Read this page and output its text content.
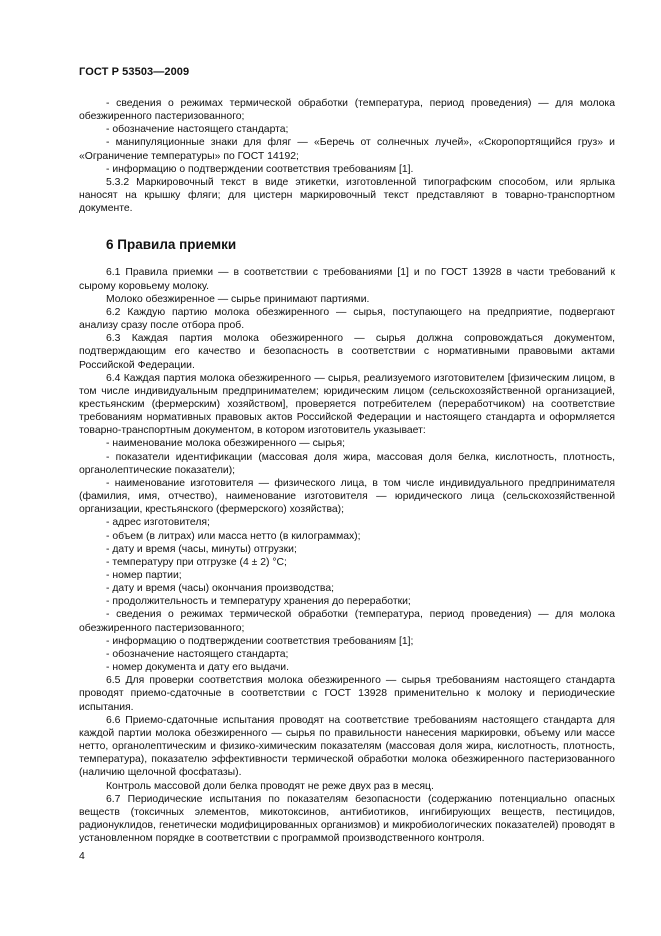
ГОСТ Р 53503—2009

- сведения о режимах термической обработки (температура, период проведения) — для молока обезжиренного пастеризованного;

- обозначение настоящего стандарта;

- манипуляционные знаки для фляг — «Беречь от солнечных лучей», «Скоропортящийся груз» и «Ограничение температуры» по ГОСТ 14192;

- информацию о подтверждении соответствия требованиям [1].

5.3.2 Маркировочный текст в виде этикетки, изготовленной типографским способом, или ярлыка наносят на крышку фляги; для цистерн маркировочный текст представляют в товарно-транспортном документе.

6 Правила приемки

6.1 Правила приемки — в соответствии с требованиями [1] и по ГОСТ 13928 в части требований к сырому коровьему молоку.

Молоко обезжиренное — сырье принимают партиями.

6.2 Каждую партию молока обезжиренного — сырья, поступающего на предприятие, подвергают анализу сразу после отбора проб.

6.3 Каждая партия молока обезжиренного — сырья должна сопровождаться документом, подтверждающим его качество и безопасность в соответствии с нормативными правовыми актами Российской Федерации.

6.4 Каждая партия молока обезжиренного — сырья, реализуемого изготовителем [физическим лицом, в том числе индивидуальным предпринимателем; юридическим лицом (сельскохозяйственной организацией, крестьянским (фермерским) хозяйством], проверяется потребителем (переработчиком) на соответствие требованиям нормативных правовых актов Российской Федерации и настоящего стандарта и оформляется товарно-транспортным документом, в котором изготовитель указывает:

- наименование молока обезжиренного — сырья;

- показатели идентификации (массовая доля жира, массовая доля белка, кислотность, плотность, органолептические показатели);

- наименование изготовителя — физического лица, в том числе индивидуального предпринимателя (фамилия, имя, отчество), наименование изготовителя — юридического лица (сельскохозяйственной организации, крестьянского (фермерского) хозяйства);

- адрес изготовителя;

- объем (в литрах) или масса нетто (в килограммах);

- дату и время (часы, минуты) отгрузки;

- температуру при отгрузке (4 ± 2) °С;

- номер партии;

- дату и время (часы) окончания производства;

- продолжительность и температуру хранения до переработки;

- сведения о режимах термической обработки (температура, период проведения) — для молока обезжиренного пастеризованного;

- информацию о подтверждении соответствия требованиям [1];

- обозначение настоящего стандарта;

- номер документа и дату его выдачи.

6.5 Для проверки соответствия молока обезжиренного — сырья требованиям настоящего стандарта проводят приемо-сдаточные в соответствии с ГОСТ 13928 применительно к молоку и периодические испытания.

6.6 Приемо-сдаточные испытания проводят на соответствие требованиям настоящего стандарта для каждой партии молока обезжиренного — сырья по правильности нанесения маркировки, объему или массе нетто, органолептическим и физико-химическим показателям (массовая доля жира, кислотность, плотность, температура), показателю эффективности термической обработки молока обезжиренного пастеризованного (наличию щелочной фосфатазы).

Контроль массовой доли белка проводят не реже двух раз в месяц.

6.7 Периодические испытания по показателям безопасности (содержанию потенциально опасных веществ (токсичных элементов, микотоксинов, антибиотиков, ингибирующих веществ, пестицидов, радионуклидов, генетически модифицированных организмов) и микробиологических показателей) проводят в установленном порядке в соответствии с программой производственного контроля.

4
